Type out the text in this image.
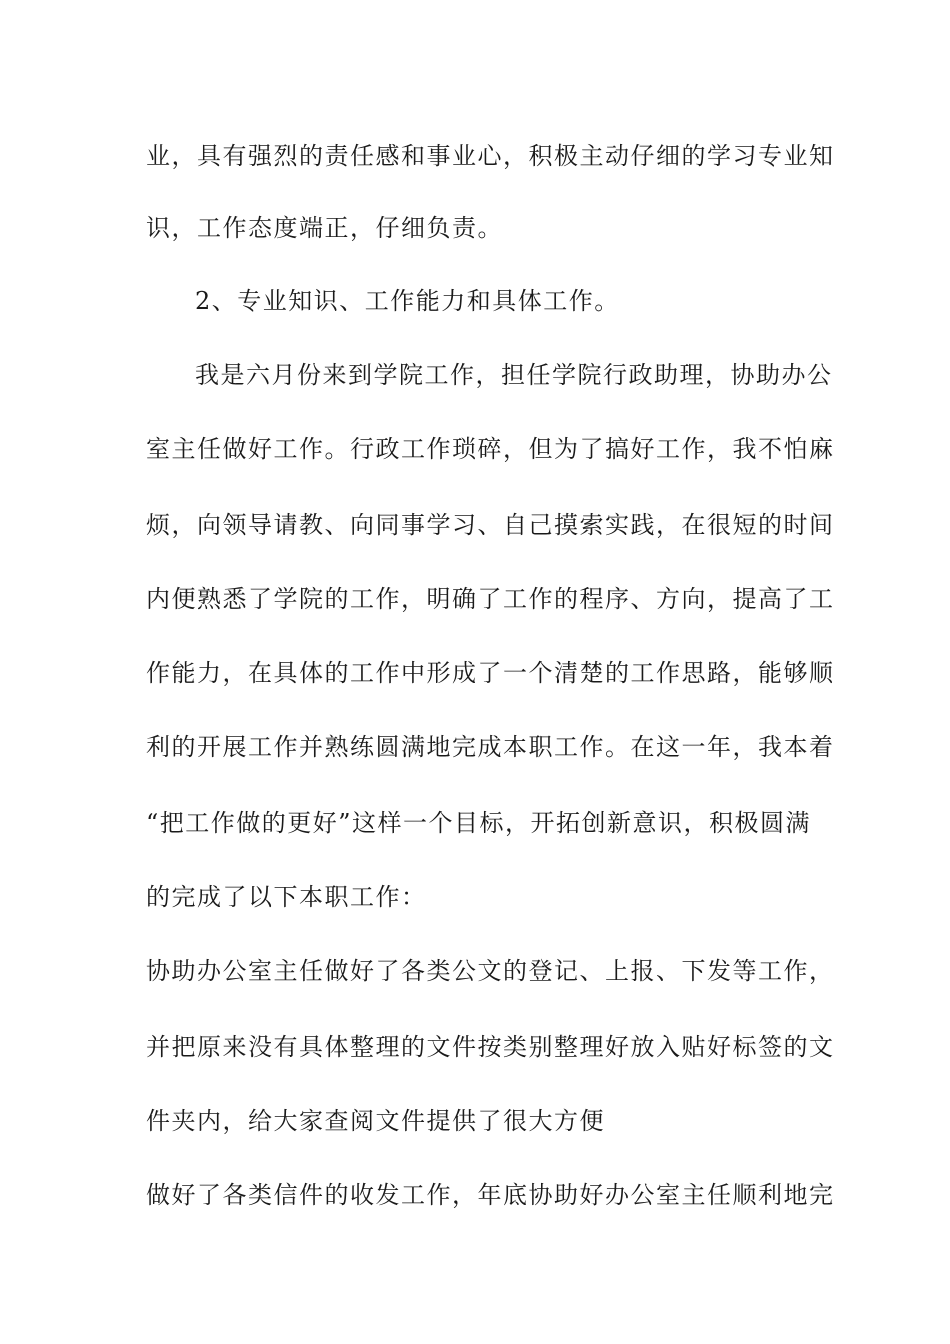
业，具有强烈的责任感和事业心，积极主动仔细的学习专业知
识，工作态度端正，仔细负责。
2、专业知识、工作能力和具体工作。
我是六月份来到学院工作，担任学院行政助理，协助办公
室主任做好工作。行政工作琐碎，但为了搞好工作，我不怕麻
烦，向领导请教、向同事学习、自己摸索实践，在很短的时间
内便熟悉了学院的工作，明确了工作的程序、方向，提高了工
作能力，在具体的工作中形成了一个清楚的工作思路，能够顺
利的开展工作并熟练圆满地完成本职工作。在这一年，我本着
“把工作做的更好”这样一个目标，开拓创新意识，积极圆满
的完成了以下本职工作：
协助办公室主任做好了各类公文的登记、上报、下发等工作，
并把原来没有具体整理的文件按类别整理好放入贴好标签的文
件夹内，给大家查阅文件提供了很大方便
做好了各类信件的收发工作，年底协助好办公室主任顺利地完
